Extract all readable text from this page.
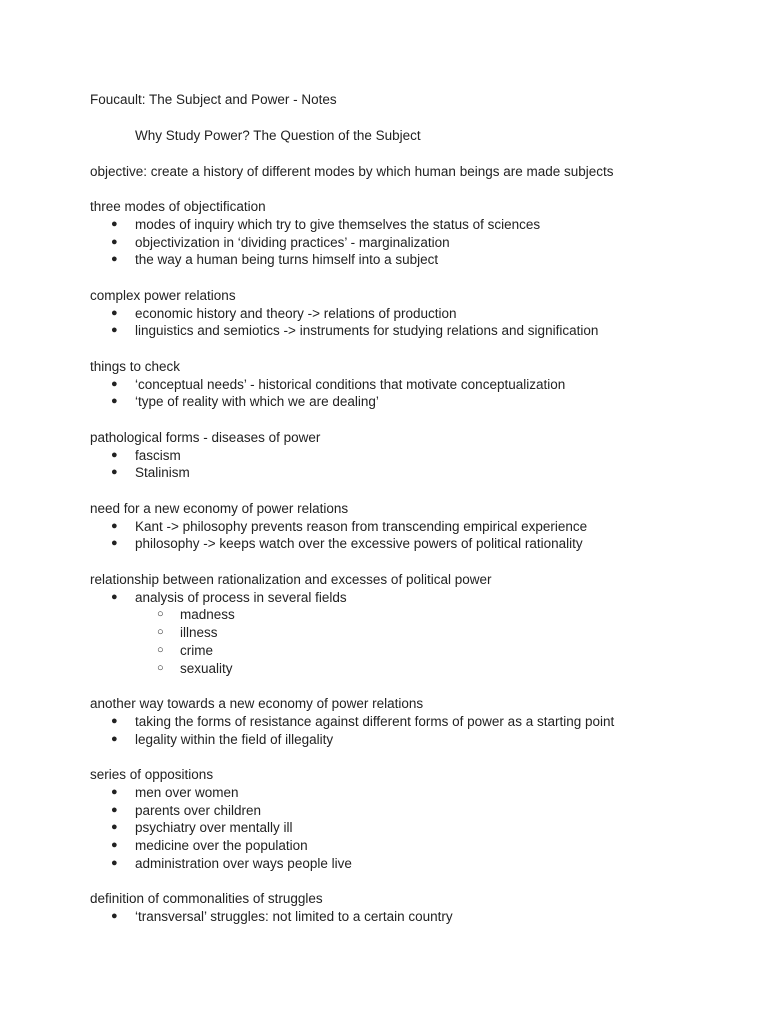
Foucault: The Subject and Power - Notes
Why Study Power? The Question of the Subject
objective: create a history of different modes by which human beings are made subjects
three modes of objectification
● modes of inquiry which try to give themselves the status of sciences
● objectivization in ‘dividing practices’ - marginalization
● the way a human being turns himself into a subject
complex power relations
● economic history and theory -> relations of production
● linguistics and semiotics -> instruments for studying relations and signification
things to check
● ‘conceptual needs’ - historical conditions that motivate conceptualization
● ‘type of reality with which we are dealing’
pathological forms - diseases of power
● fascism
● Stalinism
need for a new economy of power relations
● Kant -> philosophy prevents reason from transcending empirical experience
● philosophy -> keeps watch over the excessive powers of political rationality
relationship between rationalization and excesses of political power
● analysis of process in several fields
○ madness
○ illness
○ crime
○ sexuality
another way towards a new economy of power relations
● taking the forms of resistance against different forms of power as a starting point
● legality within the field of illegality
series of oppositions
● men over women
● parents over children
● psychiatry over mentally ill
● medicine over the population
● administration over ways people live
definition of commonalities of struggles
● ‘transversal’ struggles: not limited to a certain country
